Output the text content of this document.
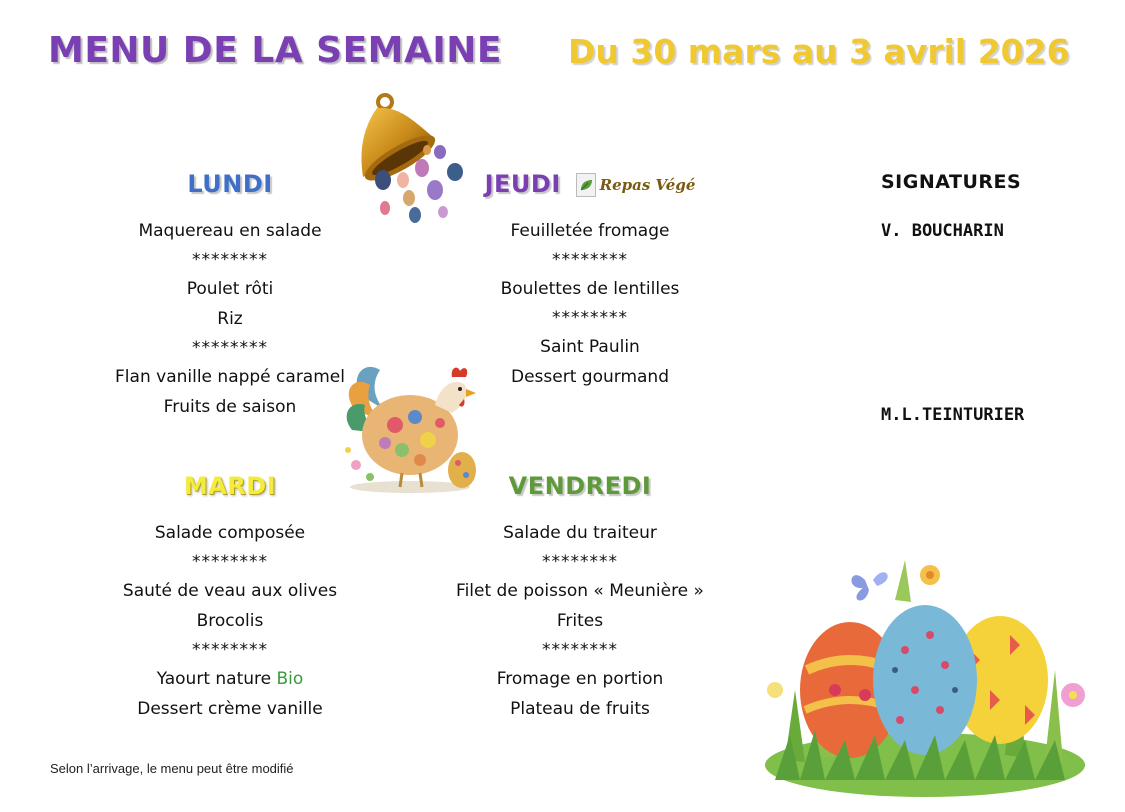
MENU DE LA SEMAINE Du 30 mars au 3 avril 2026
LUNDI
Maquereau en salade
********
Poulet rôti
Riz
********
Flan vanille nappé caramel
Fruits de saison
MARDI
Salade composée
********
Sauté de veau aux olives
Brocolis
********
Yaourt nature Bio
Dessert crème vanille
JEUDI	Repas Végé
Feuilletée fromage
********
Boulettes de lentilles
********
Saint Paulin
Dessert gourmand
VENDREDI
Salade du traiteur
********
Filet de poisson « Meunière »
Frites
********
Fromage en portion
Plateau de fruits
SIGNATURES
V. BOUCHARIN
M.L.TEINTURIER
Selon l’arrivage, le menu peut être modifié
